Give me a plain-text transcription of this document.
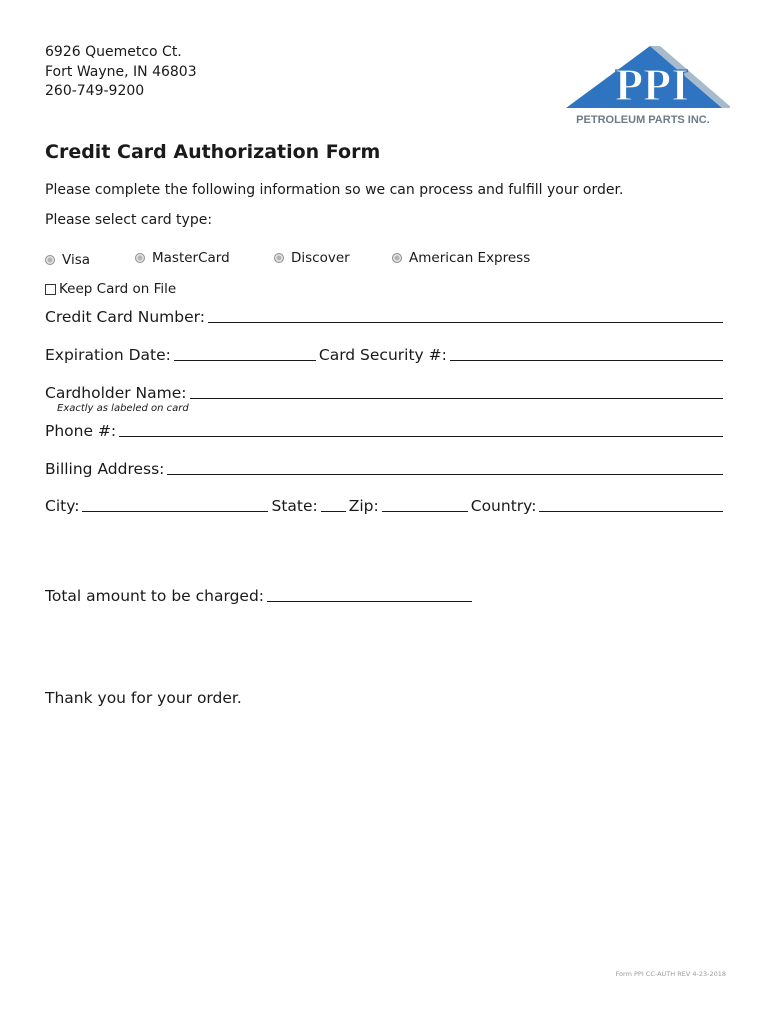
6926 Quemetco Ct.
Fort Wayne, IN 46803
260-749-9200	PPI
PETROLEUM PARTS INC.
Credit Card Authorization Form
Please complete the following information so we can process and fulfill your order.
Please select card type:
Visa	MasterCard	Discover	American Express
Keep Card on File
Credit Card Number:
Expiration Date:	Card Security #:
Cardholder Name:
Exactly as labeled on card
Phone #:
Billing Address:
City:	State: Zip:	Country:
Total amount to be charged:
Thank you for your order.
Form PPI CC-AUTH REV 4-23-2018
